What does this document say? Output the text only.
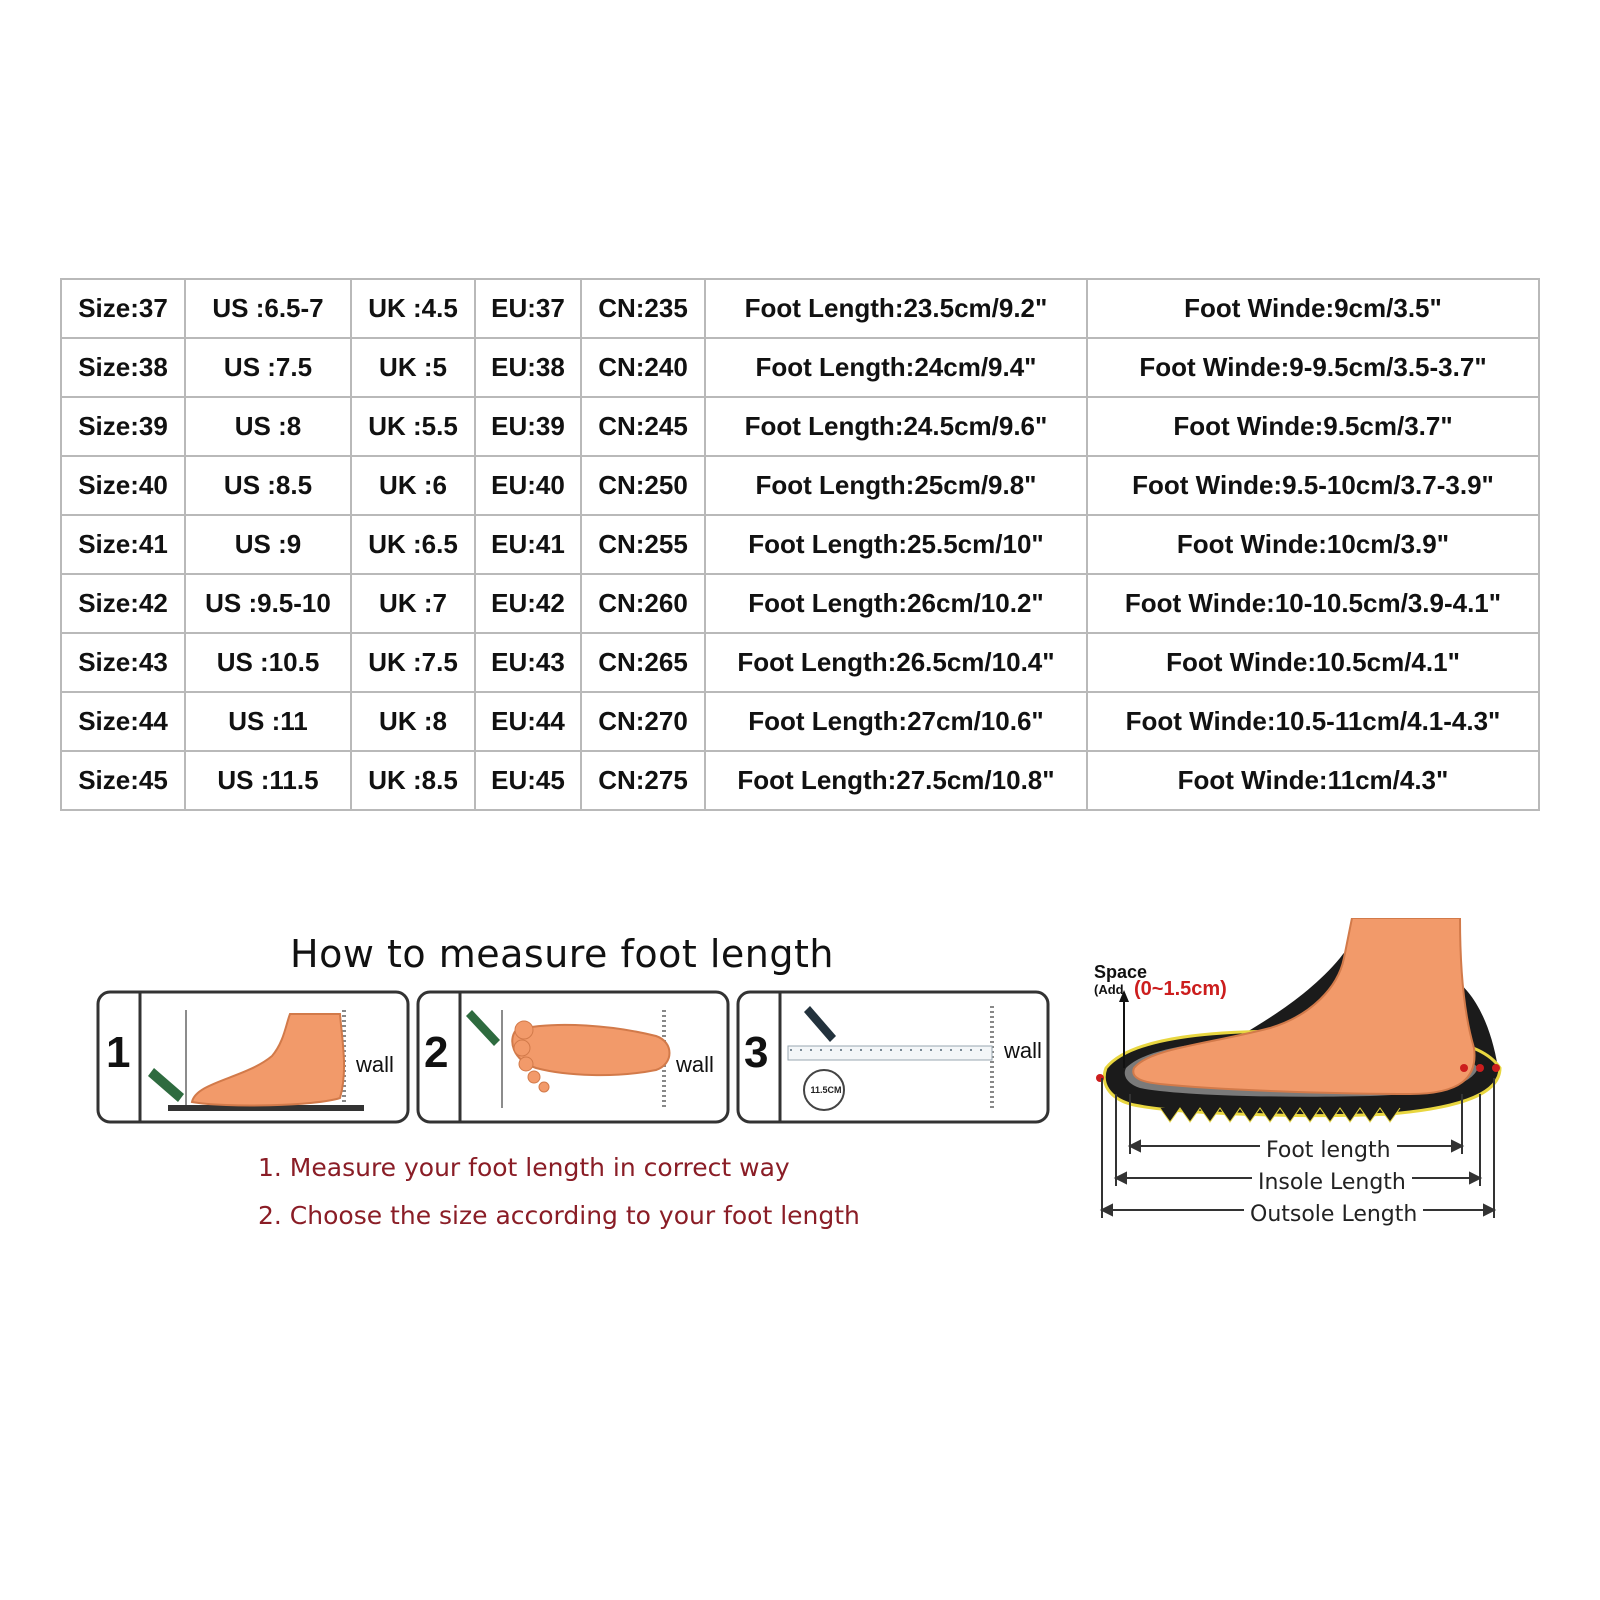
Size:37	US :6.5-7	UK :4.5	EU:37	CN:235	Foot Length:23.5cm/9.2"	Foot Winde:9cm/3.5"
Size:38	US :7.5	UK :5	EU:38	CN:240	Foot Length:24cm/9.4"	Foot Winde:9-9.5cm/3.5-3.7"
Size:39	US :8	UK :5.5	EU:39	CN:245	Foot Length:24.5cm/9.6"	Foot Winde:9.5cm/3.7"
Size:40	US :8.5	UK :6	EU:40	CN:250	Foot Length:25cm/9.8"	Foot Winde:9.5-10cm/3.7-3.9"
Size:41	US :9	UK :6.5	EU:41	CN:255	Foot Length:25.5cm/10"	Foot Winde:10cm/3.9"
Size:42	US :9.5-10	UK :7	EU:42	CN:260	Foot Length:26cm/10.2"	Foot Winde:10-10.5cm/3.9-4.1"
Size:43	US :10.5	UK :7.5	EU:43	CN:265	Foot Length:26.5cm/10.4"	Foot Winde:10.5cm/4.1"
Size:44	US :11	UK :8	EU:44	CN:270	Foot Length:27cm/10.6"	Foot Winde:10.5-11cm/4.1-4.3"
Size:45	US :11.5	UK :8.5	EU:45	CN:275	Foot Length:27.5cm/10.8"	Foot Winde:11cm/4.3"
How to measure foot length
1	2	3
wall	wall
wall
11.5CM
1. Measure your foot length in correct way
2. Choose the size according to your foot length
Space
(Add (0~1.5cm)
Foot length
Insole Length
Outsole Length
